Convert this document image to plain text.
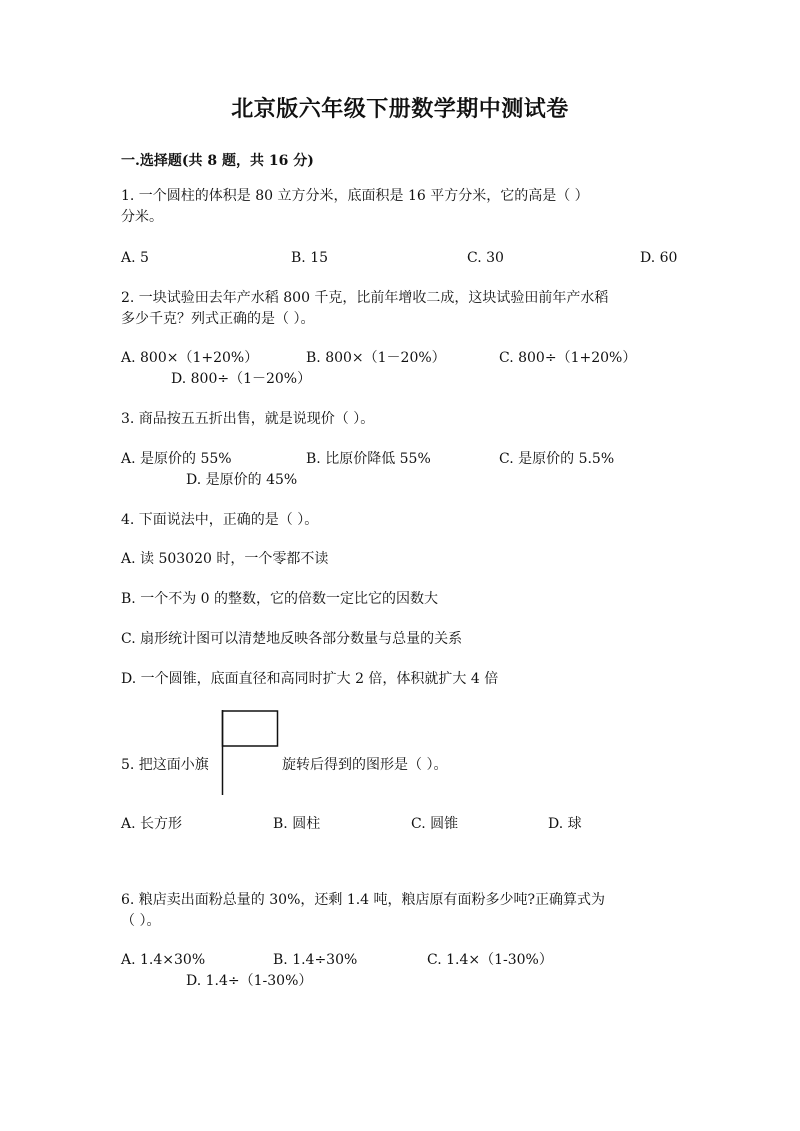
北京版六年级下册数学期中测试卷
一.选择题(共 8 题，共 16 分)
1. 一个圆柱的体积是 80 立方分米，底面积是 16 平方分米，它的高是（ ）
分米。
A. 5	B. 15	C. 30	D. 60
2. 一块试验田去年产水稻 800 千克，比前年增收二成，这块试验田前年产水稻
多少千克？列式正确的是（ ）。
A. 800×（1+20%）	B. 800×（1－20%）	C. 800÷（1+20%）
D. 800÷（1－20%）
3. 商品按五五折出售，就是说现价（ ）。
A. 是原价的 55%	B. 比原价降低 55%	C. 是原价的 5.5%
D. 是原价的 45%
4. 下面说法中，正确的是（ ）。
A. 读 503020 时，一个零都不读
B. 一个不为 0 的整数，它的倍数一定比它的因数大
C. 扇形统计图可以清楚地反映各部分数量与总量的关系
D. 一个圆锥，底面直径和高同时扩大 2 倍，体积就扩大 4 倍
5. 把这面小旗	旋转后得到的图形是（ ）。
A. 长方形	B. 圆柱	C. 圆锥	D. 球
6. 粮店卖出面粉总量的 30%，还剩 1.4 吨，粮店原有面粉多少吨?正确算式为
（ ）。
A. 1.4×30%	B. 1.4÷30%	C. 1.4×（1-30%）
D. 1.4÷（1-30%）
